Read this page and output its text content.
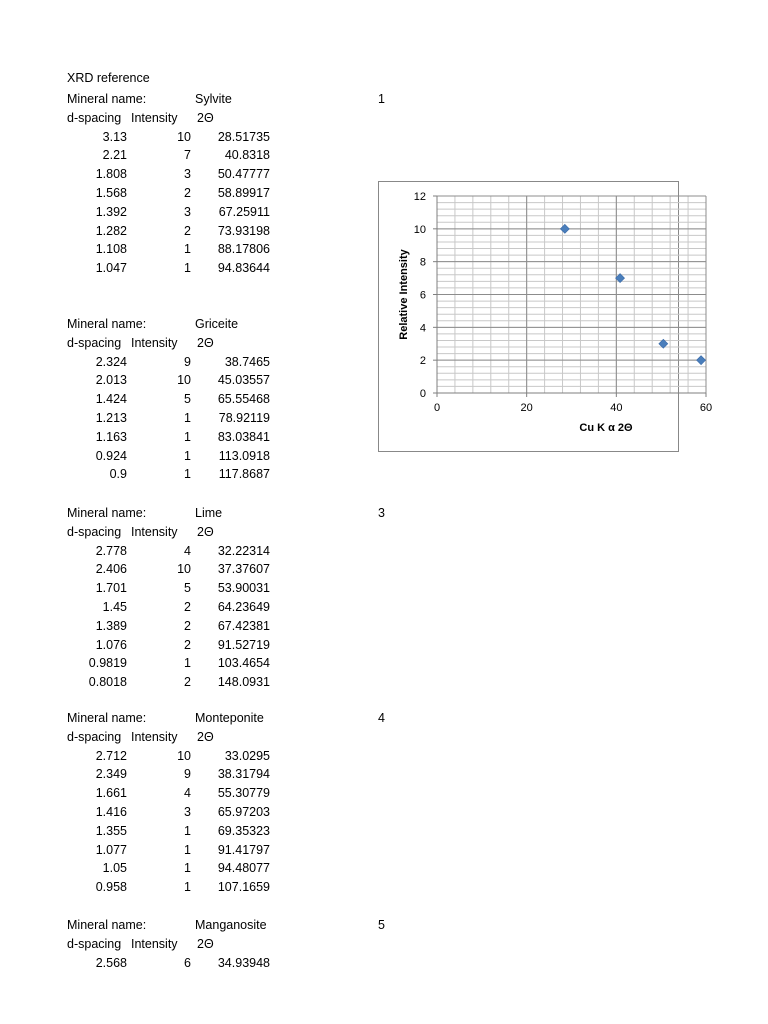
XRD reference
Mineral name:	Sylvite	1
d-spacing Intensity 2Θ
3.13	10	28.51735
2.21	7	40.8318
1.808	3	50.47777
1.568	2	58.89917
1.392	3	67.25911
1.282	2	73.93198
1.108	1	88.17806
1.047	1	94.83644
Mineral name:	Griceite
d-spacing Intensity 2Θ
2.324	9	38.7465
2.013	10	45.03557
1.424	5	65.55468
1.213	1	78.92119
1.163	1	83.03841
0.924	1	113.0918
0.9	1	117.8687
Mineral name:	Lime	3
d-spacing Intensity 2Θ
2.778	4	32.22314
2.406	10	37.37607
1.701	5	53.90031
1.45	2	64.23649
1.389	2	67.42381
1.076	2	91.52719
0.9819	1	103.4654
0.8018	2	148.0931
Mineral name:	Monteponite	4
d-spacing Intensity 2Θ
2.712	10	33.0295
2.349	9	38.31794
1.661	4	55.30779
1.416	3	65.97203
1.355	1	69.35323
1.077	1	91.41797
1.05	1	94.48077
0.958	1	107.1659
Mineral name:	Manganosite	5
d-spacing Intensity 2Θ
2.568	6	34.93948
0
2
4
6
8
10
12
0	20	40	60
Relative Intensity
Cu K α 2Θ
